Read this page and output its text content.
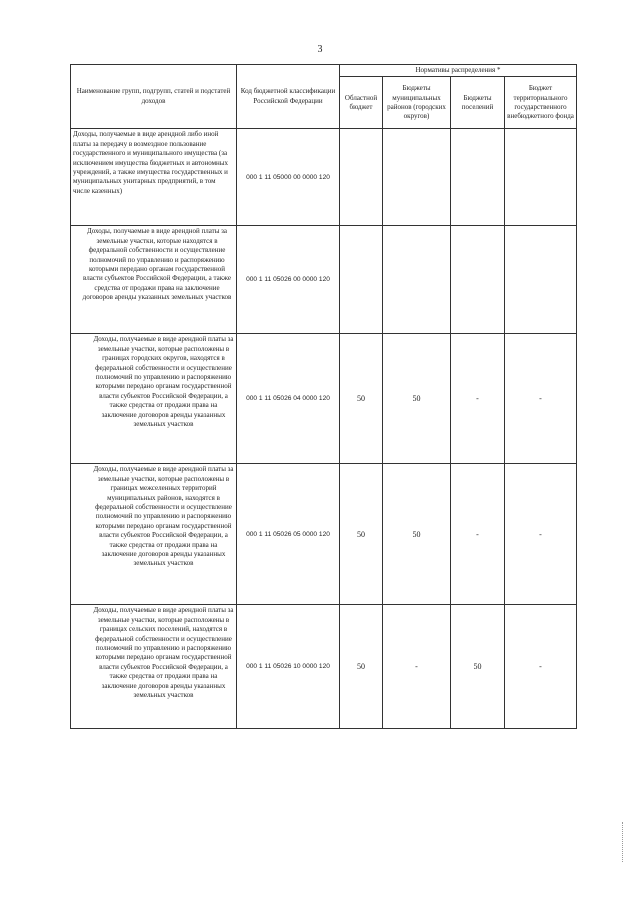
3
Наименование групп, подгрупп, статей и подстатей доходов	Код бюджетной классификации Российской Федерации	Нормативы распределения *			
		Областной бюджет	Бюджеты муниципальных районов (городских округов)	Бюджеты поселений	Бюджет территориального государственного внебюджетного фонда
Доходы, получаемые в виде арендной либо иной платы за передачу в возмездное пользование государственного и муниципального имущества (за исключением имущества бюджетных и автономных учреждений, а также имущества государственных и муниципальных унитарных предприятий, в том числе казенных)	000 1 11 05000 00 0000 120				
Доходы, получаемые в виде арендной платы за земельные участки, которые находятся в федеральной собственности и осуществление полномочий по управлению и распоряжению которыми передано органам государственной власти субъектов Российской Федерации, а также средства от продажи права на заключение договоров аренды указанных земельных участков	000 1 11 05026 00 0000 120				
Доходы, получаемые в виде арендной платы за земельные участки, которые расположены в границах городских округов, находятся в федеральной собственности и осуществление полномочий по управлению и распоряжению которыми передано органам государственной власти субъектов Российской Федерации, а также средства от продажи права на заключение договоров аренды указанных земельных участков	000 1 11 05026 04 0000 120	50	50	-	-
Доходы, получаемые в виде арендной платы за земельные участки, которые расположены в границах межселенных территорий муниципальных районов, находятся в федеральной собственности и осуществление полномочий по управлению и распоряжению которыми передано органам государственной власти субъектов Российской Федерации, а также средства от продажи права на заключение договоров аренды указанных земельных участков	000 1 11 05026 05 0000 120	50	50	-	-
Доходы, получаемые в виде арендной платы за земельные участки, которые расположены в границах сельских поселений, находятся в федеральной собственности и осуществление полномочий по управлению и распоряжению которыми передано органам государственной власти субъектов Российской Федерации, а также средства от продажи права на заключение договоров аренды указанных земельных участков	000 1 11 05026 10 0000 120	50	-	50	-
